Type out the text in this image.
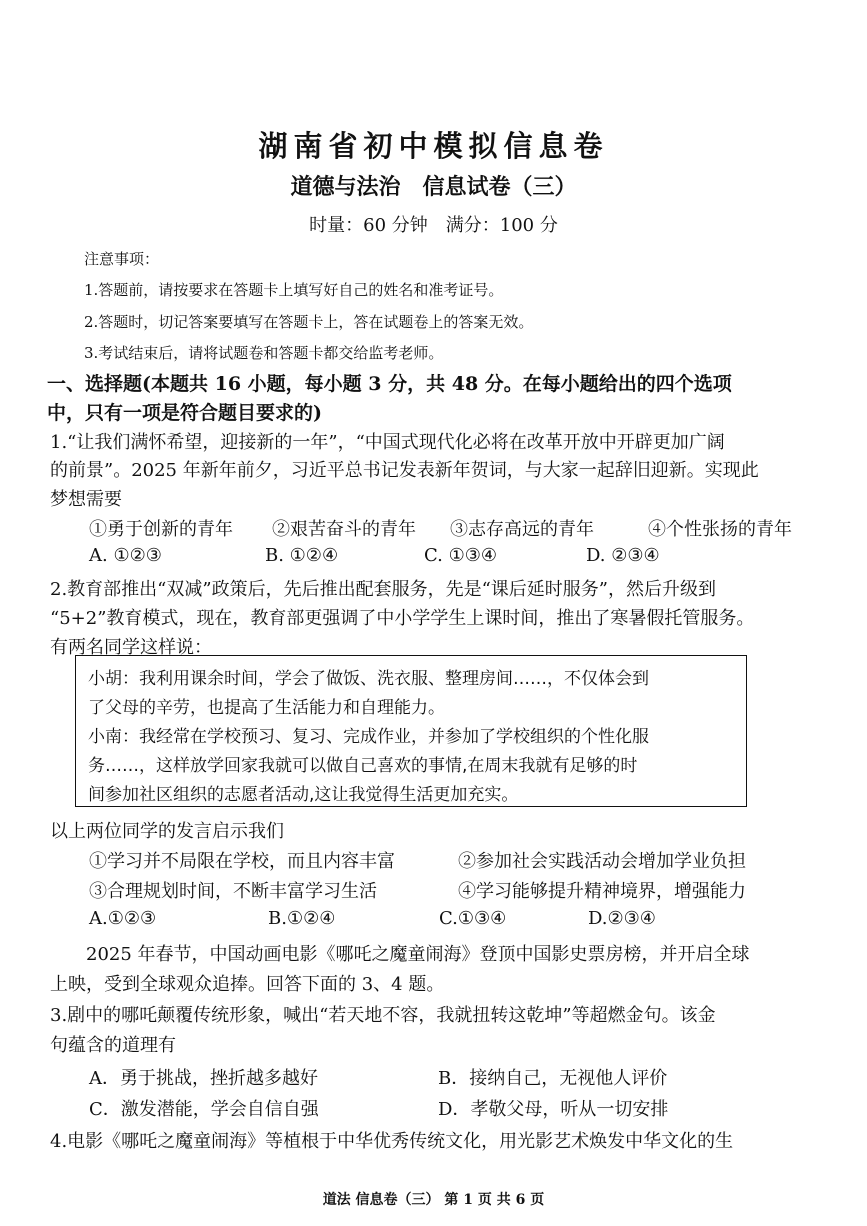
湖南省初中模拟信息卷
道德与法治 信息试卷（三）
时量：60 分钟 满分：100 分
注意事项：
1.答题前，请按要求在答题卡上填写好自己的姓名和准考证号。
2.答题时，切记答案要填写在答题卡上，答在试题卷上的答案无效。
3.考试结束后，请将试题卷和答题卡都交给监考老师。
一、选择题(本题共 16 小题，每小题 3 分，共 48 分。在每小题给出的四个选项
中，只有一项是符合题目要求的)
1.“让我们满怀希望，迎接新的一年”，“中国式现代化必将在改革开放中开辟更加广阔
的前景”。2025 年新年前夕，习近平总书记发表新年贺词，与大家一起辞旧迎新。实现此
梦想需要
①勇于创新的青年 ②艰苦奋斗的青年 ③志存高远的青年	④个性张扬的青年
A. ①②③	B. ①②④	C. ①③④	D. ②③④
2.教育部推出“双减”政策后，先后推出配套服务，先是“课后延时服务”，然后升级到
“5+2”教育模式，现在，教育部更强调了中小学学生上课时间，推出了寒暑假托管服务。
有两名同学这样说：
小胡：我利用课余时间，学会了做饭、洗衣服、整理房间……，不仅体会到
了父母的辛劳，也提高了生活能力和自理能力。
小南：我经常在学校预习、复习、完成作业，并参加了学校组织的个性化服
务……，这样放学回家我就可以做自己喜欢的事情,在周末我就有足够的时
间参加社区组织的志愿者活动,这让我觉得生活更加充实。
以上两位同学的发言启示我们
①学习并不局限在学校，而且内容丰富	②参加社会实践活动会增加学业负担
③合理规划时间，不断丰富学习生活	④学习能够提升精神境界，增强能力
A.①②③	B.①②④	C.①③④	D.②③④
2025 年春节，中国动画电影《哪吒之魔童闹海》登顶中国影史票房榜，并开启全球
上映，受到全球观众追捧。回答下面的 3、4 题。
3.剧中的哪吒颠覆传统形象，喊出“若天地不容，我就扭转这乾坤”等超燃金句。该金
句蕴含的道理有
A．勇于挑战，挫折越多越好	B．接纳自己，无视他人评价
C．激发潜能，学会自信自强	D．孝敬父母，听从一切安排
4.电影《哪吒之魔童闹海》等植根于中华优秀传统文化，用光影艺术焕发中华文化的生
道法 信息卷（三） 第 1 页 共 6 页
